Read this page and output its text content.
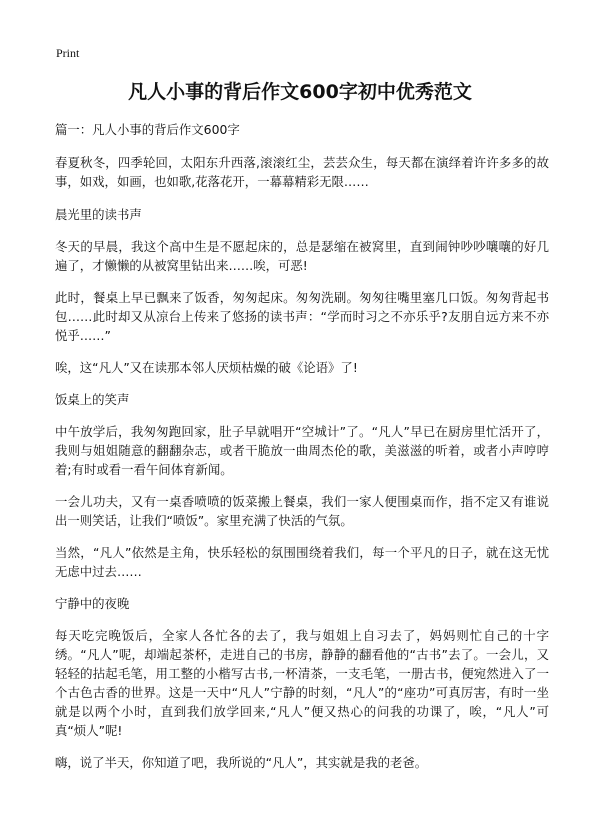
Print
凡人小事的背后作文600字初中优秀范文

篇一：凡人小事的背后作文600字

春夏秋冬，四季轮回，太阳东升西落,滚滚红尘，芸芸众生，每天都在演绎着许许多多的故事，如戏，如画，也如歌,花落花开，一幕幕精彩无限……

晨光里的读书声

冬天的早晨，我这个高中生是不愿起床的，总是瑟缩在被窝里，直到闹钟吵吵嚷嚷的好几遍了，才懒懒的从被窝里钻出来……唉，可恶!

此时，餐桌上早已飘来了饭香，匆匆起床。匆匆洗刷。匆匆往嘴里塞几口饭。匆匆背起书包……此时却又从凉台上传来了悠扬的读书声：“学而时习之不亦乐乎?友朋自远方来不亦悦乎……”

唉，这“凡人”又在读那本邻人厌烦枯燥的破《论语》了!

饭桌上的笑声

中午放学后，我匆匆跑回家，肚子早就唱开“空城计”了。“凡人”早已在厨房里忙活开了，我则与姐姐随意的翻翻杂志，或者干脆放一曲周杰伦的歌，美滋滋的听着，或者小声哼哼着;有时或看一看午间体育新闻。

一会儿功夫，又有一桌香喷喷的饭菜搬上餐桌，我们一家人便围桌而作，指不定又有谁说出一则笑话，让我们“喷饭”。家里充满了快活的气氛。

当然，“凡人”依然是主角，快乐轻松的氛围围绕着我们，每一个平凡的日子，就在这无忧无虑中过去……

宁静中的夜晚

每天吃完晚饭后，全家人各忙各的去了，我与姐姐上自习去了，妈妈则忙自己的十字绣。“凡人”呢，却端起茶杯，走进自己的书房，静静的翻看他的“古书”去了。一会儿，又轻轻的拈起毛笔，用工整的小楷写古书,一杯清茶，一支毛笔，一册古书，便宛然进入了一个古色古香的世界。这是一天中“凡人”宁静的时刻，“凡人”的“座功”可真厉害，有时一坐就是以两个小时，直到我们放学回来,“凡人”便又热心的问我的功课了，唉，“凡人”可真“烦人”呢!

嗨，说了半天，你知道了吧，我所说的“凡人”，其实就是我的老爸。
